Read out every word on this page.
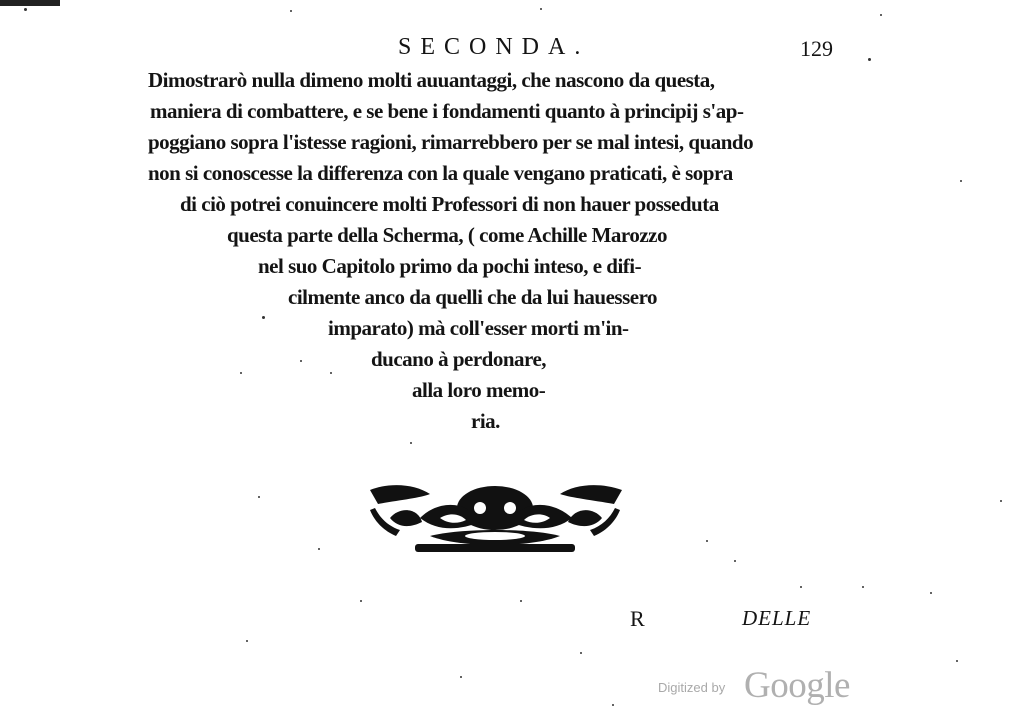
SECONDA.	129
Dimostrarò nulla dimeno molti auuantaggi, che nascono da questa,
maniera di combattere, e se bene i fondamenti quanto à principij s'ap-
poggiano sopra l'istesse ragioni, rimarrebbero per se mal intesi, quando
non si conoscesse la differenza con la quale vengano praticati, è sopra
di ciò potrei conuincere molti Professori di non hauer posseduta
questa parte della Scherma, ( come Achille Marozzo
nel suo Capitolo primo da pochi inteso, e difi-
cilmente anco da quelli che da lui hauessero
imparato) mà coll'esser morti m'in-
ducano à perdonare,
alla loro memo-
ria.
R	DELLE
Digitized by Google
